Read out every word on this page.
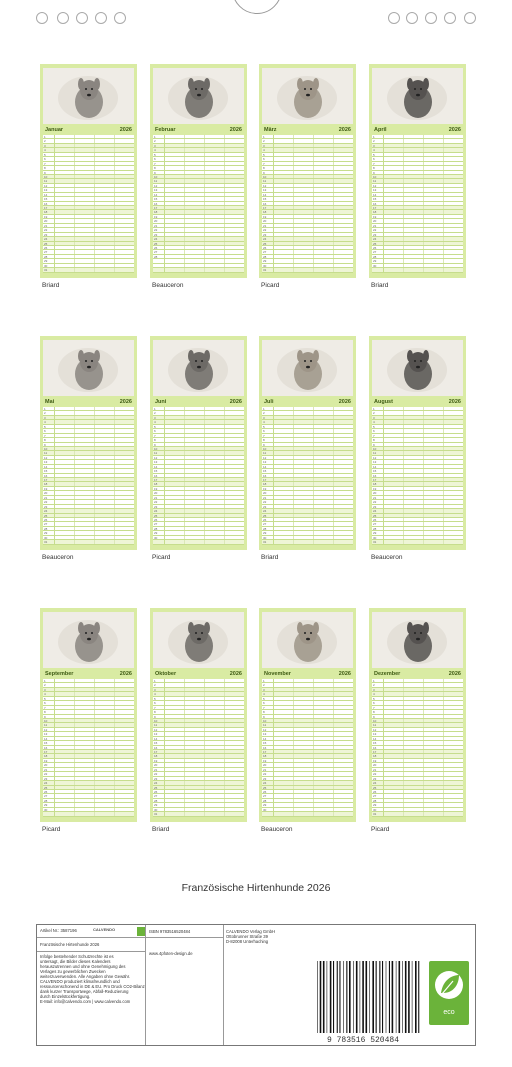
Januar	2026
1
2
3
4
5
6
7
8
9
10
11
12
13
14
15
16
17
18
19
20
21
22
23
24
25
26
27
28
29
30
31
Briard
Februar	2026
1
2
3
4
5
6
7
8
9
10
11
12
13
14
15
16
17
18
19
20
21
22
23
24
25
26
27
28
Beauceron
März	2026
1
2
3
4
5
6
7
8
9
10
11
12
13
14
15
16
17
18
19
20
21
22
23
24
25
26
27
28
29
30
31
Picard
April	2026
1
2
3
4
5
6
7
8
9
10
11
12
13
14
15
16
17
18
19
20
21
22
23
24
25
26
27
28
29
30
Briard
Mai	2026
1
2
3
4
5
6
7
8
9
10
11
12
13
14
15
16
17
18
19
20
21
22
23
24
25
26
27
28
29
30
31
Beauceron
Juni	2026
1
2
3
4
5
6
7
8
9
10
11
12
13
14
15
16
17
18
19
20
21
22
23
24
25
26
27
28
29
30
Picard
Juli	2026
1
2
3
4
5
6
7
8
9
10
11
12
13
14
15
16
17
18
19
20
21
22
23
24
25
26
27
28
29
30
31
Briard
August	2026
1
2
3
4
5
6
7
8
9
10
11
12
13
14
15
16
17
18
19
20
21
22
23
24
25
26
27
28
29
30
31
Beauceron
September	2026
1
2
3
4
5
6
7
8
9
10
11
12
13
14
15
16
17
18
19
20
21
22
23
24
25
26
27
28
29
30
Picard
Oktober	2026
1
2
3
4
5
6
7
8
9
10
11
12
13
14
15
16
17
18
19
20
21
22
23
24
25
26
27
28
29
30
31
Briard
November	2026
1
2
3
4
5
6
7
8
9
10
11
12
13
14
15
16
17
18
19
20
21
22
23
24
25
26
27
28
29
30
Beauceron
Dezember	2026
1
2
3
4
5
6
7
8
9
10
11
12
13
14
15
16
17
18
19
20
21
22
23
24
25
26
27
28
29
30
31
Picard
Französische Hirtenhunde 2026
Artikel Nr.: 3587196	CALVENDO
Französische Hirtenhunde 2026
Infolge bestehender Schutzrechte ist es
untersagt, die Bilder dieses Kalenders
herauszutrennen und ohne Genehmigung des
Verlages zu gewerblichen Zwecken
weiterzuverwenden. Alle Angaben ohne Gewähr.
CALVENDO produziert klimafreundlich und
ressourcenschonend in DE & EU. Pro Druck CO2-Bilanz
dank kurzer Transportwege, Abfall-Reduzierung
durch Einzelstückfertigung.
E-Mail: info@calvendo.com | www.calvendo.com
ISBN 9783516520484
www.4pfoten-design.de
CALVENDO Verlag GmbH
Ottobrunner Straße 39
D-82008 Unterhaching
eco
9 783516 520484
